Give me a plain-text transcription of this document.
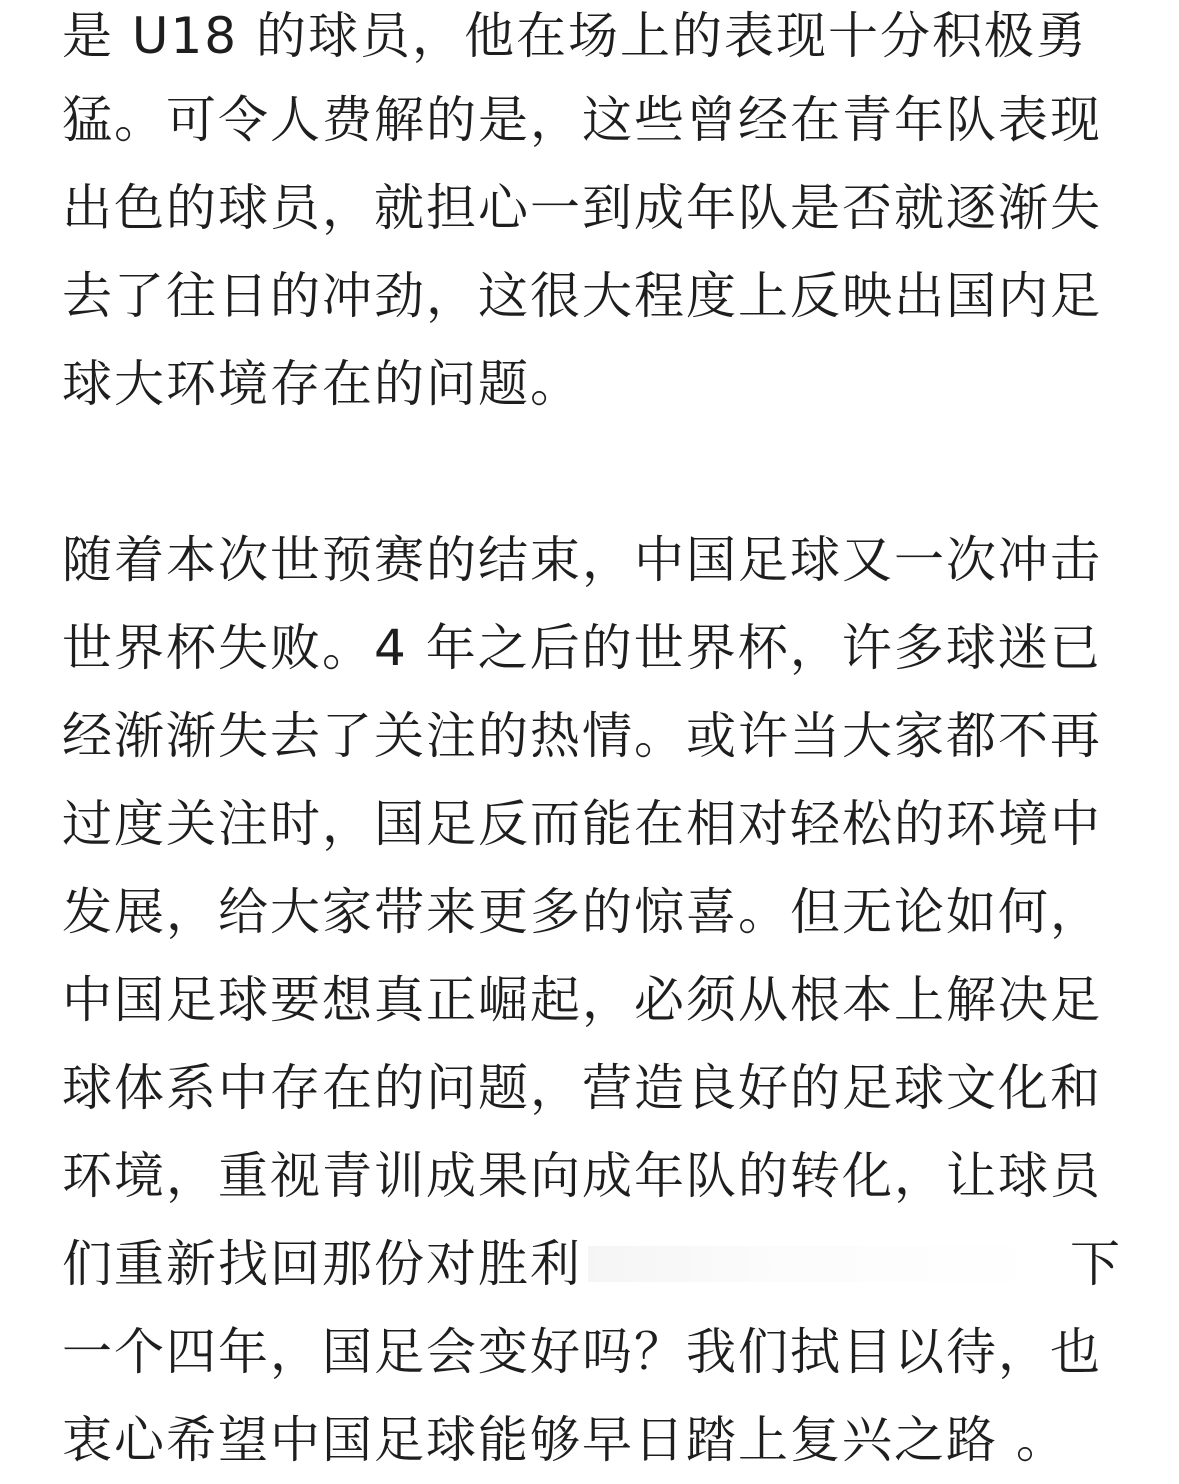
是 U18 的球员，他在场上的表现十分积极勇
猛。可令人费解的是，这些曾经在青年队表现
出色的球员，就担心一到成年队是否就逐渐失
去了往日的冲劲，这很大程度上反映出国内足
球大环境存在的问题。
随着本次世预赛的结束，中国足球又一次冲击
世界杯失败。4 年之后的世界杯，许多球迷已
经渐渐失去了关注的热情。或许当大家都不再
过度关注时，国足反而能在相对轻松的环境中
发展，给大家带来更多的惊喜。但无论如何，
中国足球要想真正崛起，必须从根本上解决足
球体系中存在的问题，营造良好的足球文化和
环境，重视青训成果向成年队的转化，让球员
们重新找回那份对胜利	下
一个四年，国足会变好吗？我们拭目以待，也
衷心希望中国足球能够早日踏上复兴之路 。
